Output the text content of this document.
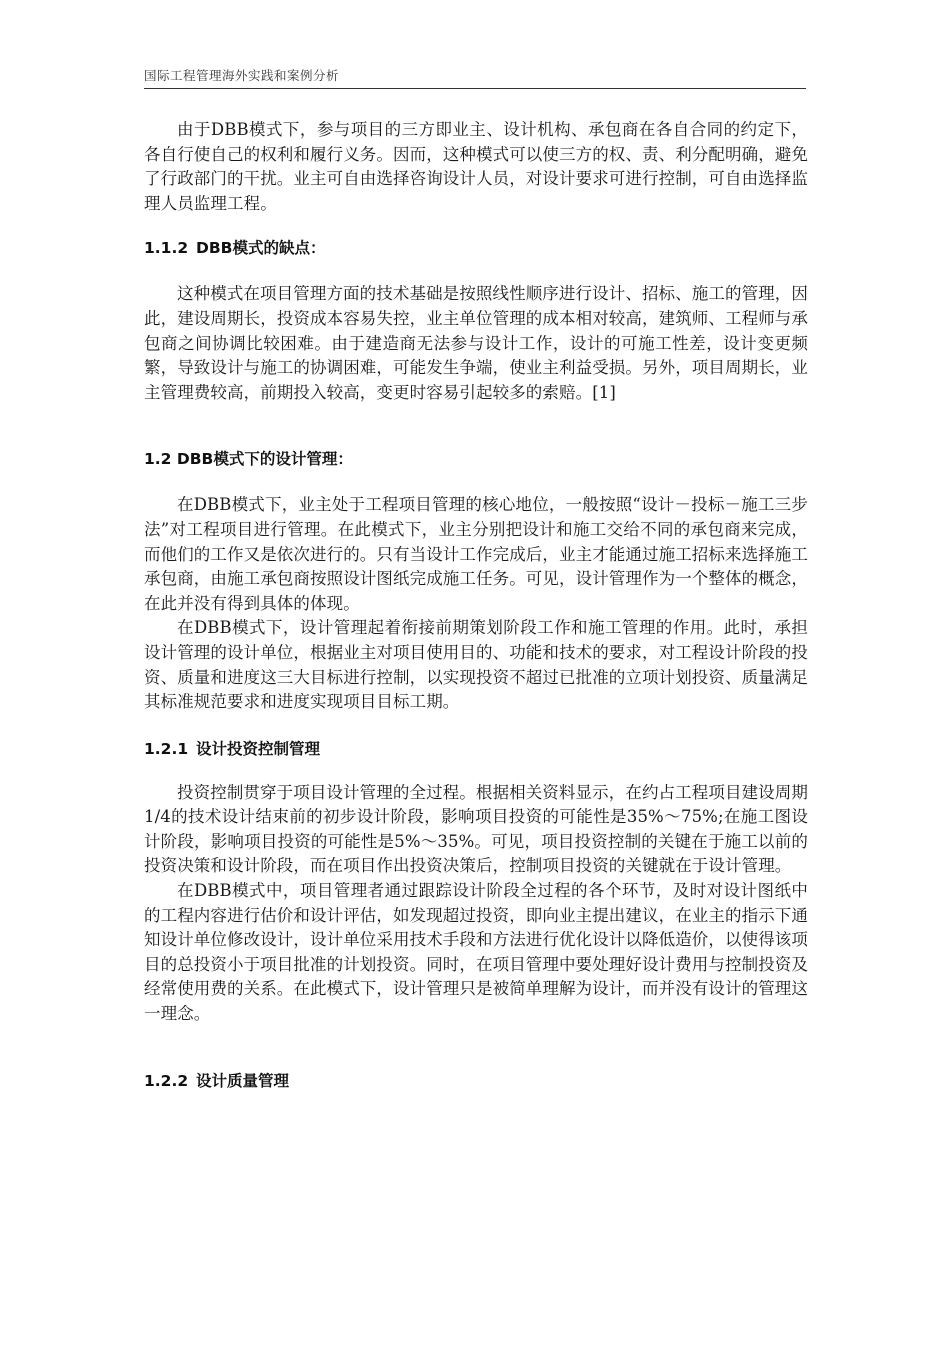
国际工程管理海外实践和案例分析

由于DBB模式下，参与项目的三方即业主、设计机构、承包商在各自合同的约定下，各自行使自己的权利和履行义务。因而，这种模式可以使三方的权、责、利分配明确，避免了行政部门的干扰。业主可自由选择咨询设计人员，对设计要求可进行控制，可自由选择监理人员监理工程。

1.1.2 DBB模式的缺点：

这种模式在项目管理方面的技术基础是按照线性顺序进行设计、招标、施工的管理，因此，建设周期长，投资成本容易失控，业主单位管理的成本相对较高，建筑师、工程师与承包商之间协调比较困难。由于建造商无法参与设计工作，设计的可施工性差，设计变更频繁，导致设计与施工的协调困难，可能发生争端，使业主利益受损。另外，项目周期长，业主管理费较高，前期投入较高，变更时容易引起较多的索赔。[1]

1.2 DBB模式下的设计管理：

在DBB模式下，业主处于工程项目管理的核心地位，一般按照“设计－投标－施工三步法”对工程项目进行管理。在此模式下，业主分别把设计和施工交给不同的承包商来完成，而他们的工作又是依次进行的。只有当设计工作完成后，业主才能通过施工招标来选择施工承包商，由施工承包商按照设计图纸完成施工任务。可见，设计管理作为一个整体的概念，在此并没有得到具体的体现。

在DBB模式下，设计管理起着衔接前期策划阶段工作和施工管理的作用。此时，承担设计管理的设计单位，根据业主对项目使用目的、功能和技术的要求，对工程设计阶段的投资、质量和进度这三大目标进行控制，以实现投资不超过已批准的立项计划投资、质量满足其标准规范要求和进度实现项目目标工期。

1.2.1 设计投资控制管理

投资控制贯穿于项目设计管理的全过程。根据相关资料显示，在约占工程项目建设周期1/4的技术设计结束前的初步设计阶段，影响项目投资的可能性是35%～75%;在施工图设计阶段，影响项目投资的可能性是5%～35%。可见，项目投资控制的关键在于施工以前的投资决策和设计阶段，而在项目作出投资决策后，控制项目投资的关键就在于设计管理。

在DBB模式中，项目管理者通过跟踪设计阶段全过程的各个环节，及时对设计图纸中的工程内容进行估价和设计评估，如发现超过投资，即向业主提出建议，在业主的指示下通知设计单位修改设计，设计单位采用技术手段和方法进行优化设计以降低造价，以使得该项目的总投资小于项目批准的计划投资。同时，在项目管理中要处理好设计费用与控制投资及经常使用费的关系。在此模式下，设计管理只是被简单理解为设计，而并没有设计的管理这一理念。

1.2.2 设计质量管理
